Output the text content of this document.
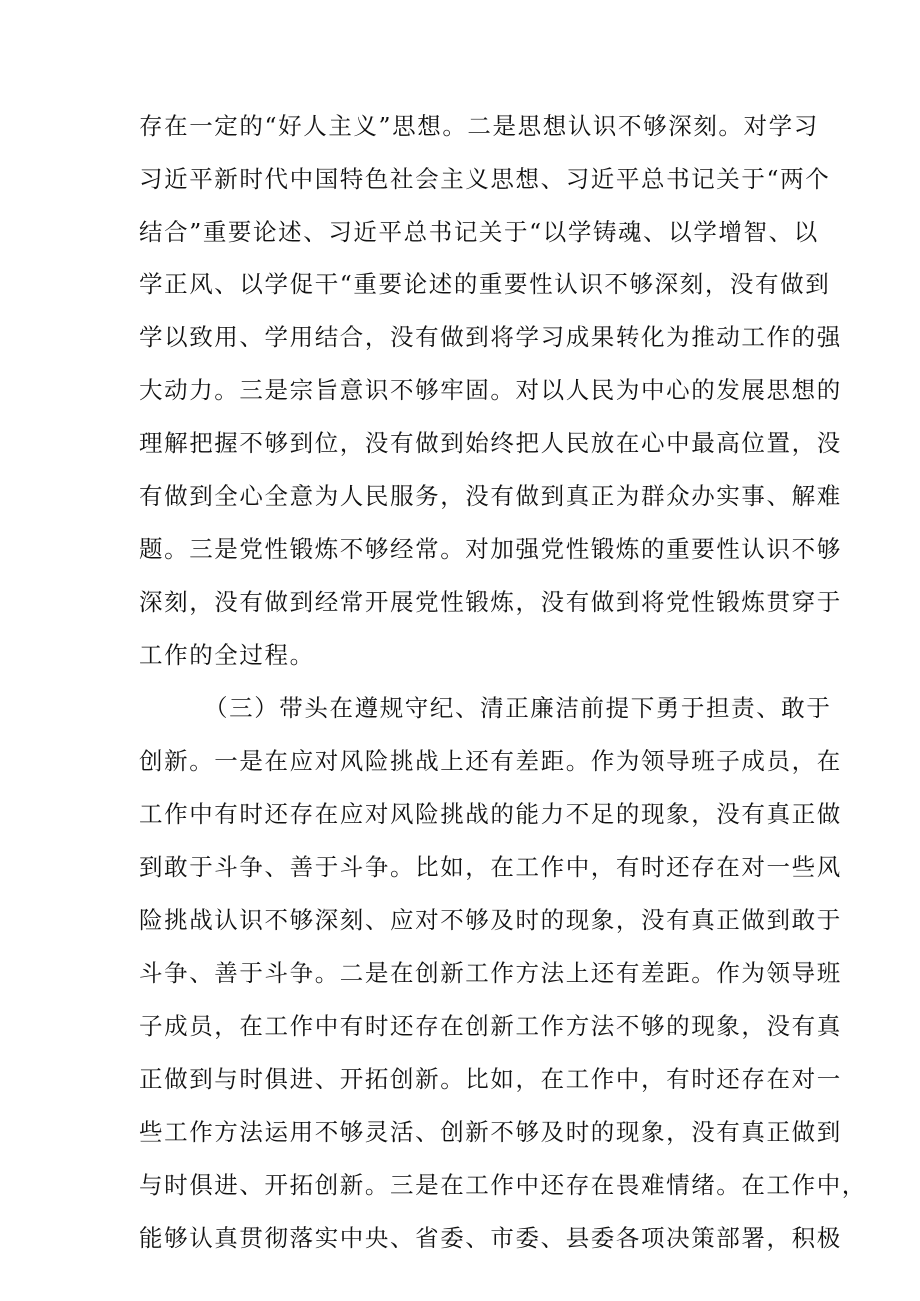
存在一定的“好人主义”思想。二是思想认识不够深刻。对学习
习近平新时代中国特色社会主义思想、习近平总书记关于“两个
结合”重要论述、习近平总书记关于“以学铸魂、以学增智、以
学正风、以学促干“重要论述的重要性认识不够深刻，没有做到
学以致用、学用结合，没有做到将学习成果转化为推动工作的强
大动力。三是宗旨意识不够牢固。对以人民为中心的发展思想的
理解把握不够到位，没有做到始终把人民放在心中最高位置，没
有做到全心全意为人民服务，没有做到真正为群众办实事、解难
题。三是党性锻炼不够经常。对加强党性锻炼的重要性认识不够
深刻，没有做到经常开展党性锻炼，没有做到将党性锻炼贯穿于
工作的全过程。
（三）带头在遵规守纪、清正廉洁前提下勇于担责、敢于
创新。一是在应对风险挑战上还有差距。作为领导班子成员，在
工作中有时还存在应对风险挑战的能力不足的现象，没有真正做
到敢于斗争、善于斗争。比如，在工作中，有时还存在对一些风
险挑战认识不够深刻、应对不够及时的现象，没有真正做到敢于
斗争、善于斗争。二是在创新工作方法上还有差距。作为领导班
子成员，在工作中有时还存在创新工作方法不够的现象，没有真
正做到与时俱进、开拓创新。比如，在工作中，有时还存在对一
些工作方法运用不够灵活、创新不够及时的现象，没有真正做到
与时俱进、开拓创新。三是在工作中还存在畏难情绪。在工作中，
能够认真贯彻落实中央、省委、市委、县委各项决策部署，积极
